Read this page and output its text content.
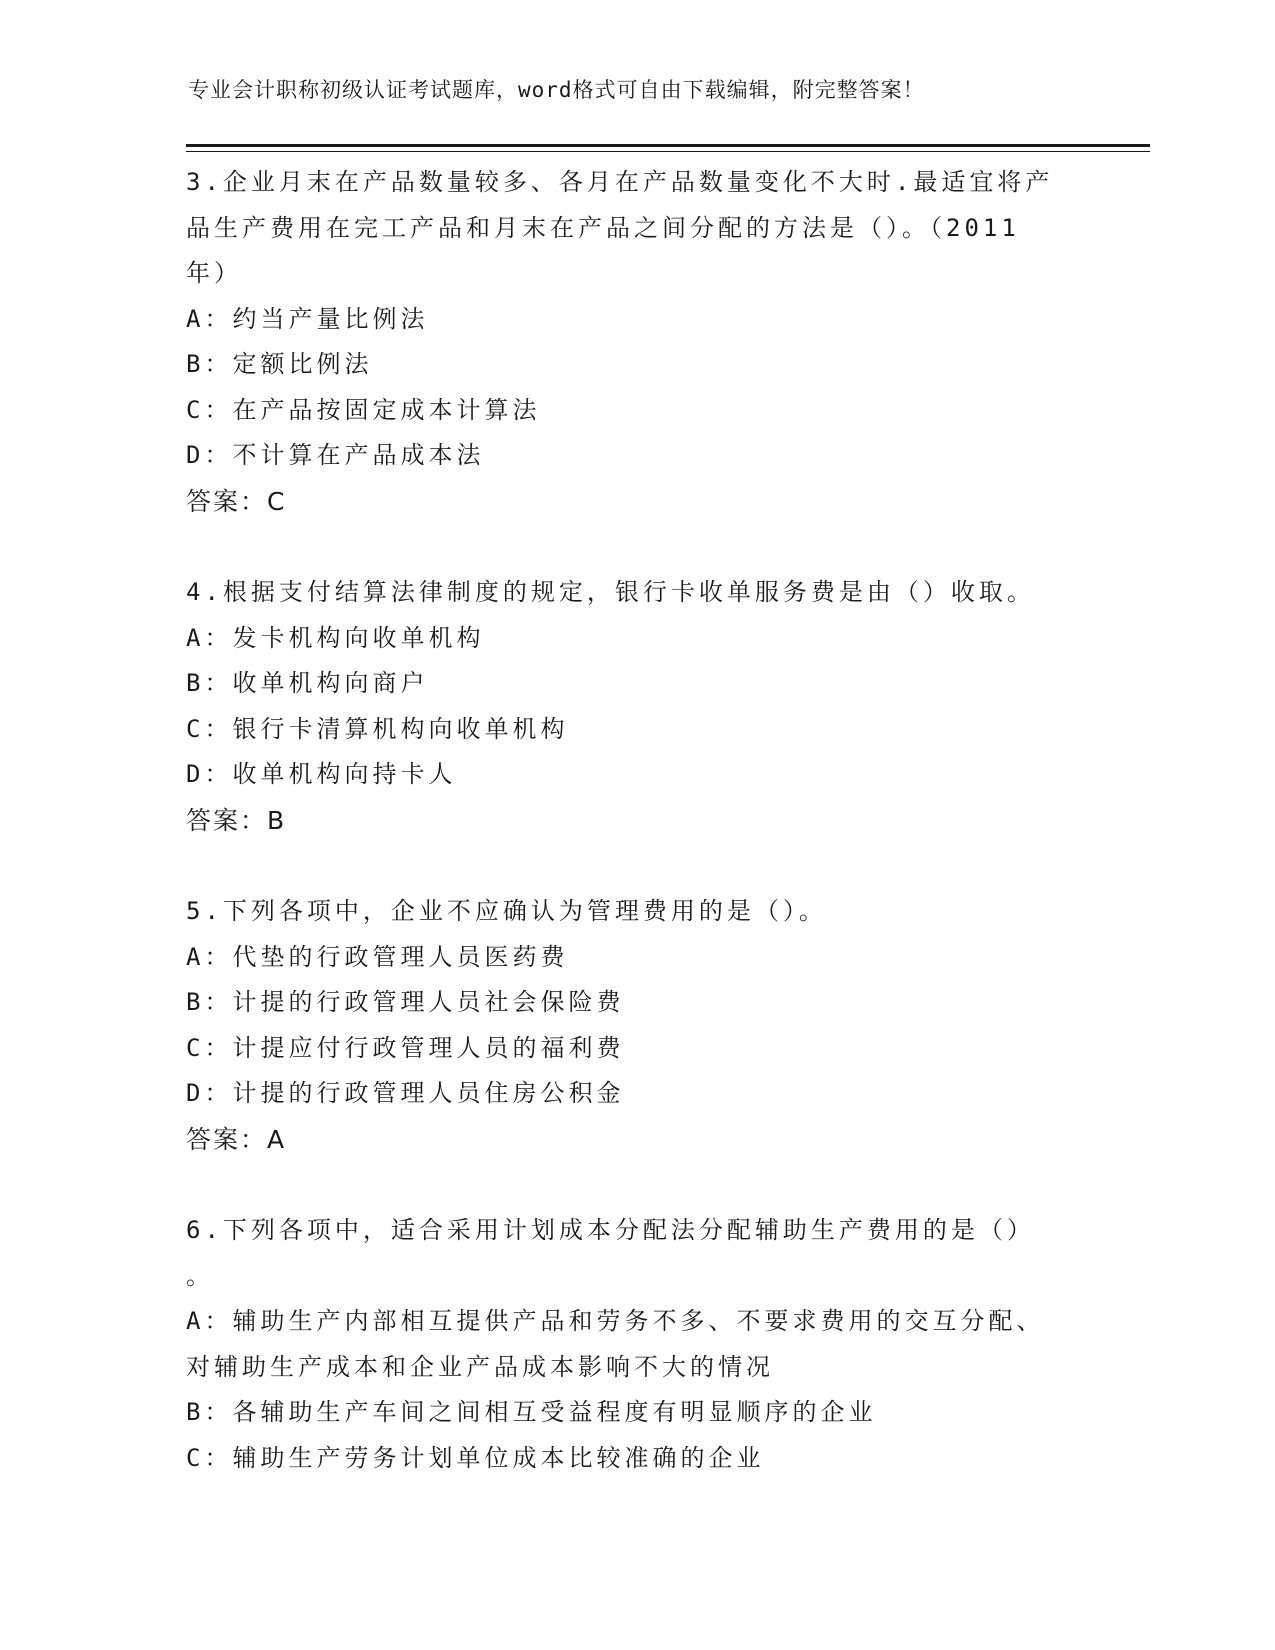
专业会计职称初级认证考试题库，word格式可自由下载编辑，附完整答案！
3.企业月末在产品数量较多、各月在产品数量变化不大时.最适宜将产
品生产费用在完工产品和月末在产品之间分配的方法是（）。（2011
年）
A：约当产量比例法
B：定额比例法
C：在产品按固定成本计算法
D：不计算在产品成本法
答案：C
4.根据支付结算法律制度的规定，银行卡收单服务费是由（）收取。
A：发卡机构向收单机构
B：收单机构向商户
C：银行卡清算机构向收单机构
D：收单机构向持卡人
答案：B
5.下列各项中，企业不应确认为管理费用的是（）。
A：代垫的行政管理人员医药费
B：计提的行政管理人员社会保险费
C：计提应付行政管理人员的福利费
D：计提的行政管理人员住房公积金
答案：A
6.下列各项中，适合采用计划成本分配法分配辅助生产费用的是（）
。
A：辅助生产内部相互提供产品和劳务不多、不要求费用的交互分配、
对辅助生产成本和企业产品成本影响不大的情况
B：各辅助生产车间之间相互受益程度有明显顺序的企业
C：辅助生产劳务计划单位成本比较准确的企业
